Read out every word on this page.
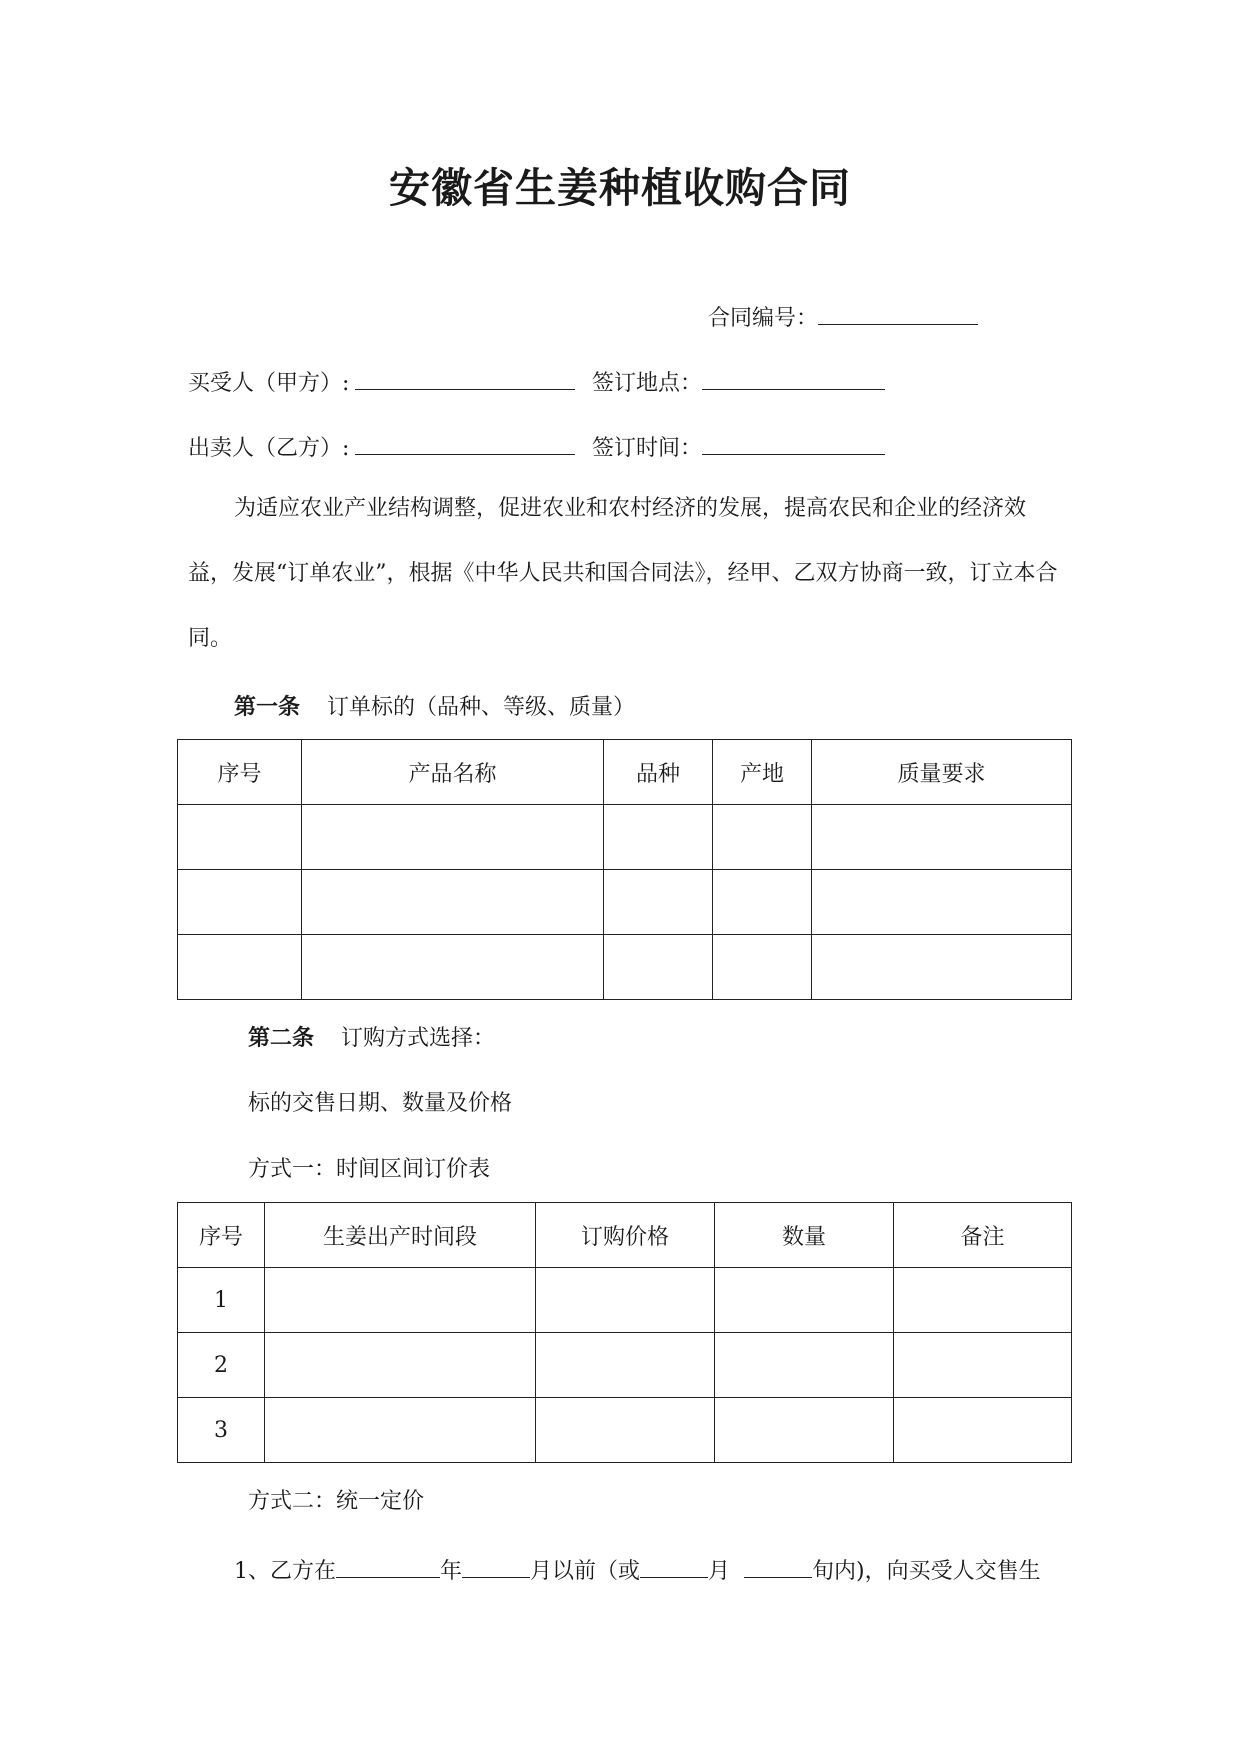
安徽省生姜种植收购合同
合同编号：
买受人（甲方）:	签订地点：
出卖人（乙方）:	签订时间：
为适应农业产业结构调整，促进农业和农村经济的发展，提高农民和企业的经济效益，发展“订单农业”，根据《中华人民共和国合同法》，经甲、乙双方协商一致，订立本合同。
第一条 订单标的（品种、等级、质量）
序号	产品名称	品种	产地	质量要求

第二条 订购方式选择：
标的交售日期、数量及价格
方式一：时间区间订价表
序号	生姜出产时间段	订购价格	数量	备注
1				
2				
3				
方式二：统一定价
1、乙方在	年	月以前（或	月	旬内)，向买受人交售生
